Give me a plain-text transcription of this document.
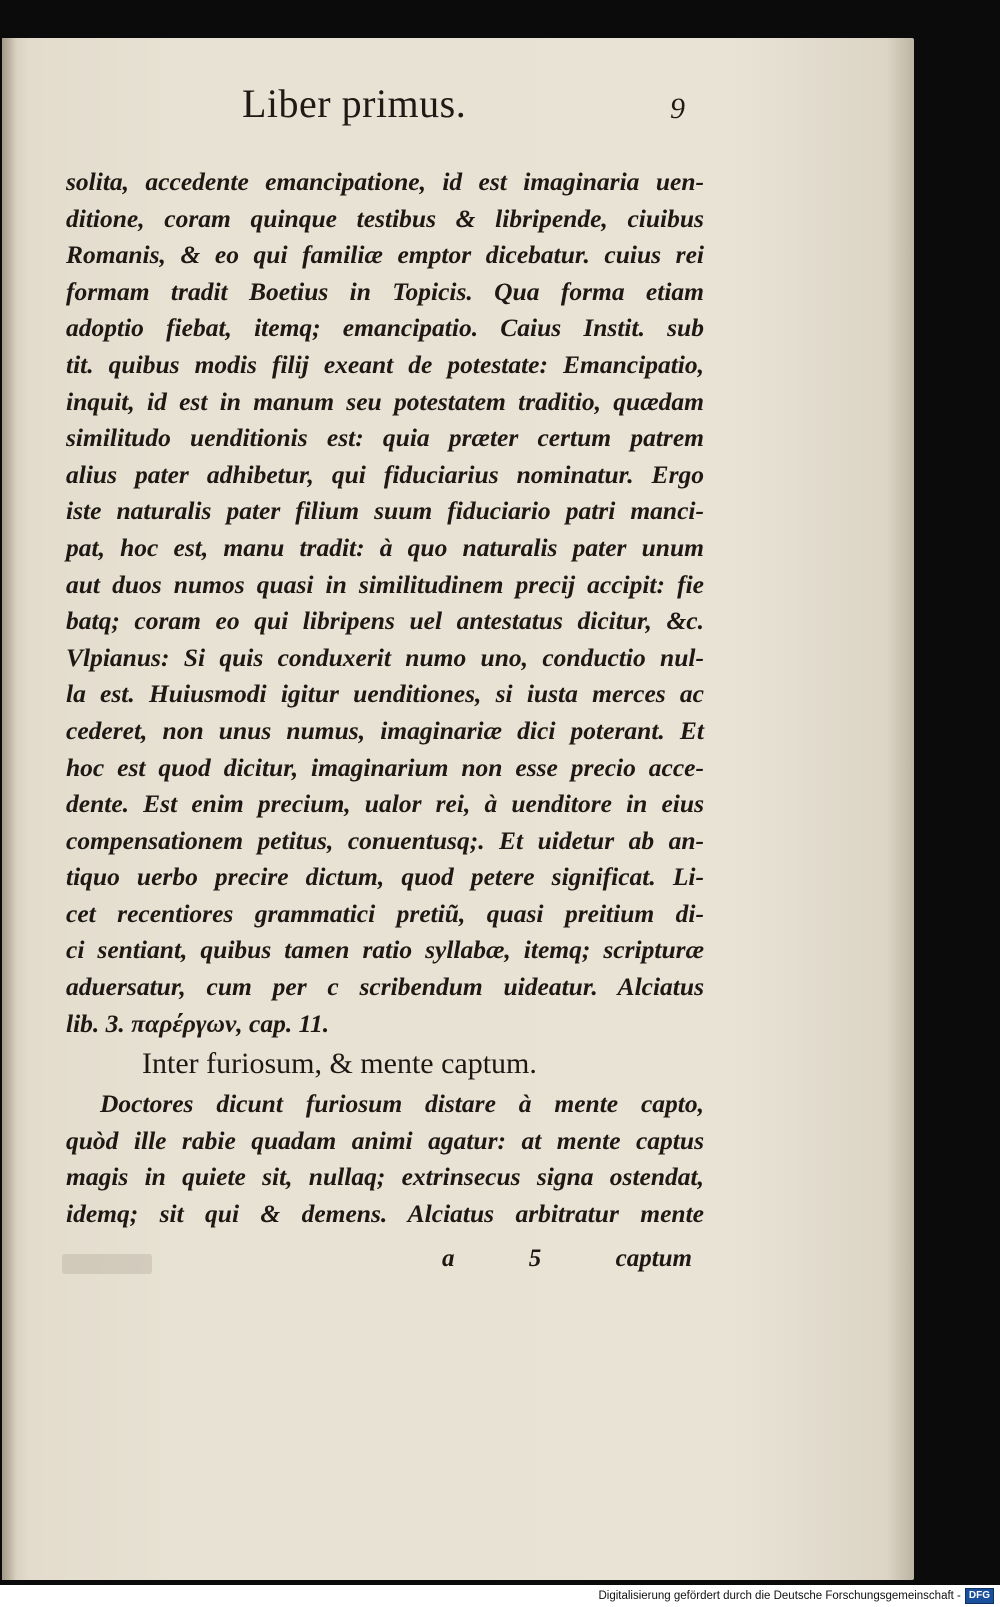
Liber primus.	9
solita, accedente emancipatione, id est imaginaria uen-
ditione, coram quinque testibus & libripende, ciuibus
Romanis, & eo qui familiæ emptor dicebatur. cuius rei
formam tradit Boetius in Topicis. Qua forma etiam
adoptio fiebat, itemq; emancipatio. Caius Instit. sub
tit. quibus modis filij exeant de potestate: Emancipatio,
inquit, id est in manum seu potestatem traditio, quædam
similitudo uenditionis est: quia præter certum patrem
alius pater adhibetur, qui fiduciarius nominatur. Ergo
iste naturalis pater filium suum fiduciario patri manci-
pat, hoc est, manu tradit: à quo naturalis pater unum
aut duos numos quasi in similitudinem precij accipit: fie
batq; coram eo qui libripens uel antestatus dicitur, &c.
Vlpianus: Si quis conduxerit numo uno, conductio nul-
la est. Huiusmodi igitur uenditiones, si iusta merces ac
cederet, non unus numus, imaginariæ dici poterant. Et
hoc est quod dicitur, imaginarium non esse precio acce-
dente. Est enim precium, ualor rei, à uenditore in eius
compensationem petitus, conuentusq;. Et uidetur ab an-
tiquo uerbo precire dictum, quod petere significat. Li-
cet recentiores grammatici pretiũ, quasi preitium di-
ci sentiant, quibus tamen ratio syllabæ, itemq; scripturæ
aduersatur, cum per c scribendum uideatur. Alciatus
lib. 3. παρέργων, cap. 11.
Inter furiosum, & mente captum.
Doctores dicunt furiosum distare à mente capto,
quòd ille rabie quadam animi agatur: at mente captus
magis in quiete sit, nullaq; extrinsecus signa ostendat,
idemq; sit qui & demens. Alciatus arbitratur mente
a	5	captum
Digitalisierung gefördert durch die Deutsche Forschungsgemeinschaft - DFG
